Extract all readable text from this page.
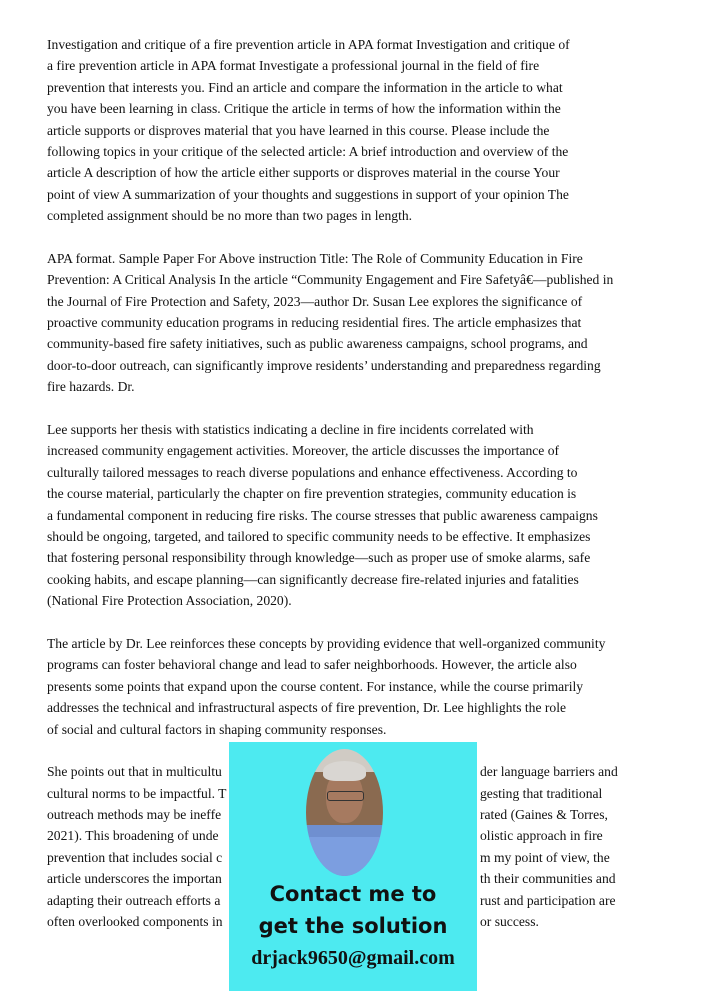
Investigation and critique of a fire prevention article in APA format Investigation and critique of
a fire prevention article in APA format Investigate a professional journal in the field of fire
prevention that interests you. Find an article and compare the information in the article to what
you have been learning in class. Critique the article in terms of how the information within the
article supports or disproves material that you have learned in this course. Please include the
following topics in your critique of the selected article: A brief introduction and overview of the
article A description of how the article either supports or disproves material in the course Your
point of view A summarization of your thoughts and suggestions in support of your opinion The
completed assignment should be no more than two pages in length.
APA format. Sample Paper For Above instruction Title: The Role of Community Education in Fire
Prevention: A Critical Analysis In the article “Community Engagement and Fire Safetyâ€—published in
the Journal of Fire Protection and Safety, 2023—author Dr. Susan Lee explores the significance of
proactive community education programs in reducing residential fires. The article emphasizes that
community-based fire safety initiatives, such as public awareness campaigns, school programs, and
door-to-door outreach, can significantly improve residents’ understanding and preparedness regarding
fire hazards. Dr.
Lee supports her thesis with statistics indicating a decline in fire incidents correlated with
increased community engagement activities. Moreover, the article discusses the importance of
culturally tailored messages to reach diverse populations and enhance effectiveness. According to
the course material, particularly the chapter on fire prevention strategies, community education is
a fundamental component in reducing fire risks. The course stresses that public awareness campaigns
should be ongoing, targeted, and tailored to specific community needs to be effective. It emphasizes
that fostering personal responsibility through knowledge—such as proper use of smoke alarms, safe
cooking habits, and escape planning—can significantly decrease fire-related injuries and fatalities
(National Fire Protection Association, 2020).
The article by Dr. Lee reinforces these concepts by providing evidence that well-organized community
programs can foster behavioral change and lead to safer neighborhoods. However, the article also
presents some points that expand upon the course content. For instance, while the course primarily
addresses the technical and infrastructural aspects of fire prevention, Dr. Lee highlights the role
of social and cultural factors in shaping community responses.
She points out that in multicultu	der language barriers and
cultural norms to be impactful. T	gesting that traditional
outreach methods may be ineffe	rated (Gaines & Torres,
2021). This broadening of unde	olistic approach in fire
prevention that includes social c	m my point of view, the
article underscores the importan	th their communities and
adapting their outreach efforts a	rust and participation are
often overlooked components in	or success.
Contact me to
get the solution
drjack9650@gmail.com
